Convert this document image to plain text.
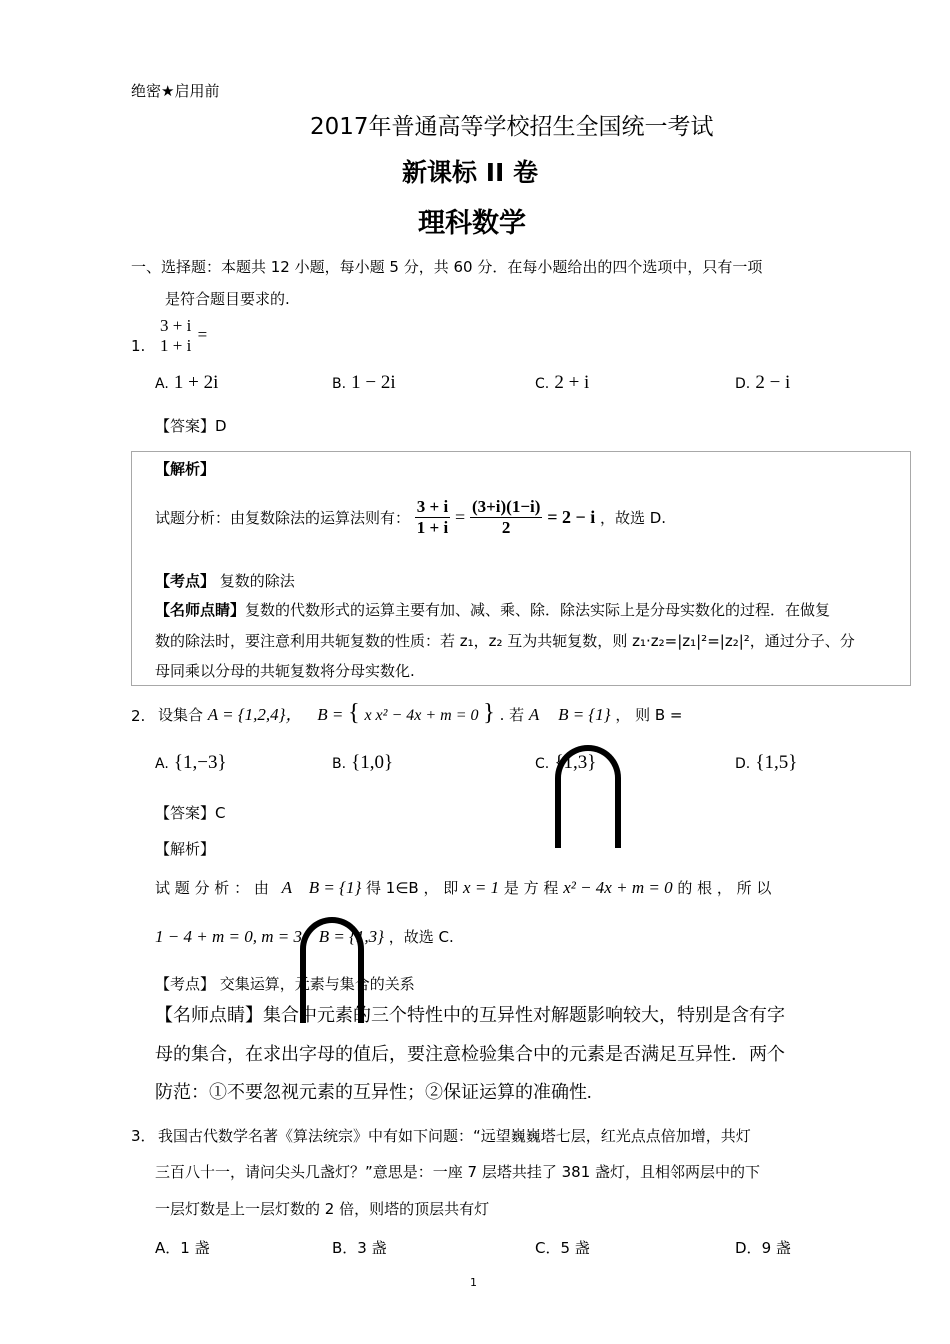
绝密★启用前
2017年普通高等学校招生全国统一考试
新课标 II 卷
理科数学
一、选择题：本题共 12 小题，每小题 5 分，共 60 分．在每小题给出的四个选项中，只有一项
是符合题目要求的.
1.
3 + i
1 + i
=
A. 1 + 2i	B. 1 − 2i	C. 2 + i	D. 2 − i
【答案】D
【解析】
试题分析：由复数除法的运算法则有： $\frac{3 + i}{1 + i} = \frac{(3+i)(1-i)}{2} = 2 - i$ ，故选 D.
【考点】 复数的除法
【名师点睛】复数的代数形式的运算主要有加、减、乘、除．除法实际上是分母实数化的过程．在做复
数的除法时，要注意利用共轭复数的性质：若 z₁，z₂ 互为共轭复数，则 z₁·z₂=|z₁|²=|z₂|²，通过分子、分
母同乘以分母的共轭复数将分母实数化.
2. 设集合 A = {1,2,4}， B = { x x² − 4x + m = 0 } . 若 A B = {1} ， 则 B =
A. {1,−3}	B. {1,0}	C. {1,3}	D. {1,5}
【答案】C
【解析】
试 题 分 析 ： 由 A B = {1} 得 1∈B ， 即 x = 1 是 方 程 x² − 4x + m = 0 的 根 ， 所 以
1 − 4 + m = 0, m = 3 B = {1,3} ，故选 C.
【考点】 交集运算，元素与集合的关系
【名师点睛】集合中元素的三个特性中的互异性对解题影响较大，特别是含有字
母的集合，在求出字母的值后，要注意检验集合中的元素是否满足互异性．两个
防范：①不要忽视元素的互异性；②保证运算的准确性.
3． 我国古代数学名著《算法统宗》中有如下问题：“远望巍巍塔七层，红光点点倍加增，共灯
三百八十一，请问尖头几盏灯？”意思是：一座 7 层塔共挂了 381 盏灯，且相邻两层中的下
一层灯数是上一层灯数的 2 倍，则塔的顶层共有灯
A．1 盏	B．3 盏	C．5 盏	D．9 盏
1
